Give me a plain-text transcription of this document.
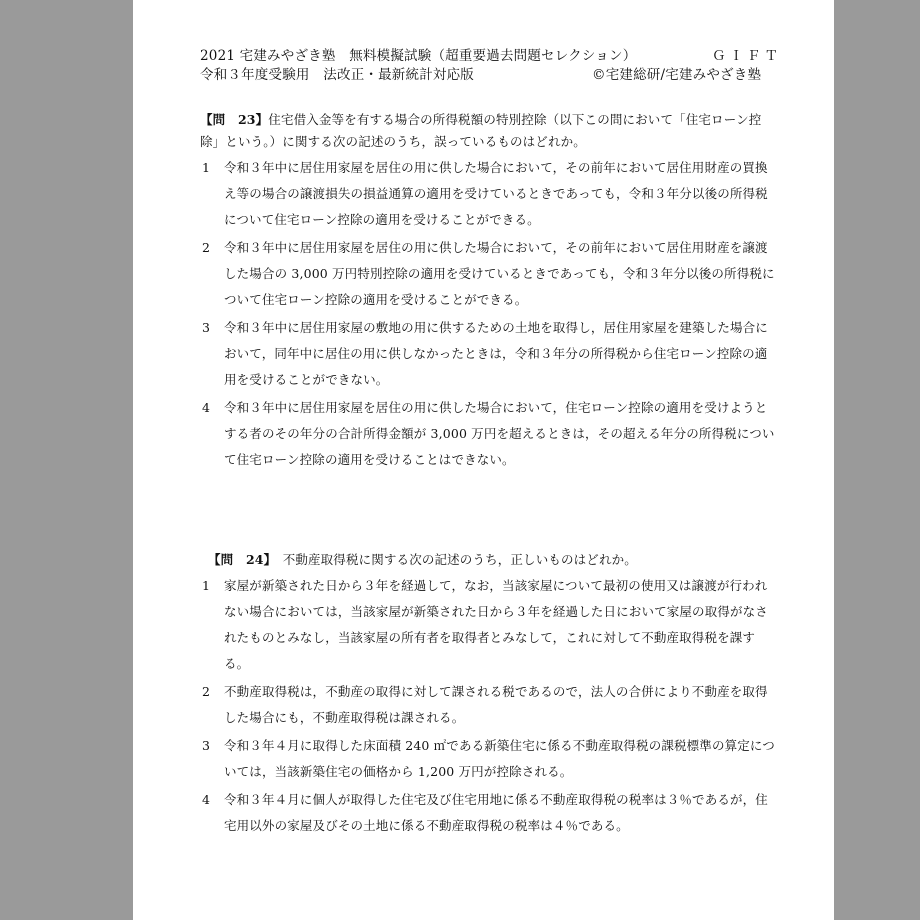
2021 宅建みやざき塾　無料模擬試験（超重要過去問題セレクション）	ＧＩＦＴ
令和３年度受験用　法改正・最新統計対応版	©宅建総研/宅建みやざき塾

【問　23】住宅借入金等を有する場合の所得税額の特別控除（以下この問において「住宅ローン控除」という。）に関する次の記述のうち，誤っているものはどれか。

1	令和３年中に居住用家屋を居住の用に供した場合において，その前年において居住用財産の買換え等の場合の譲渡損失の損益通算の適用を受けているときであっても，令和３年分以後の所得税について住宅ローン控除の適用を受けることができる。
2	令和３年中に居住用家屋を居住の用に供した場合において，その前年において居住用財産を譲渡した場合の 3,000 万円特別控除の適用を受けているときであっても，令和３年分以後の所得税について住宅ローン控除の適用を受けることができる。
3	令和３年中に居住用家屋の敷地の用に供するための土地を取得し，居住用家屋を建築した場合において，同年中に居住の用に供しなかったときは，令和３年分の所得税から住宅ローン控除の適用を受けることができない。
4	令和３年中に居住用家屋を居住の用に供した場合において，住宅ローン控除の適用を受けようとする者のその年分の合計所得金額が 3,000 万円を超えるときは，その超える年分の所得税について住宅ローン控除の適用を受けることはできない。

【問　24】　不動産取得税に関する次の記述のうち，正しいものはどれか。

1	家屋が新築された日から３年を経過して，なお，当該家屋について最初の使用又は譲渡が行われない場合においては，当該家屋が新築された日から３年を経過した日において家屋の取得がなされたものとみなし，当該家屋の所有者を取得者とみなして，これに対して不動産取得税を課する。
2	不動産取得税は，不動産の取得に対して課される税であるので，法人の合併により不動産を取得した場合にも，不動産取得税は課される。
3	令和３年４月に取得した床面積 240 ㎡である新築住宅に係る不動産取得税の課税標準の算定については，当該新築住宅の価格から 1,200 万円が控除される。
4	令和３年４月に個人が取得した住宅及び住宅用地に係る不動産取得税の税率は３％であるが，住宅用以外の家屋及びその土地に係る不動産取得税の税率は４％である。
